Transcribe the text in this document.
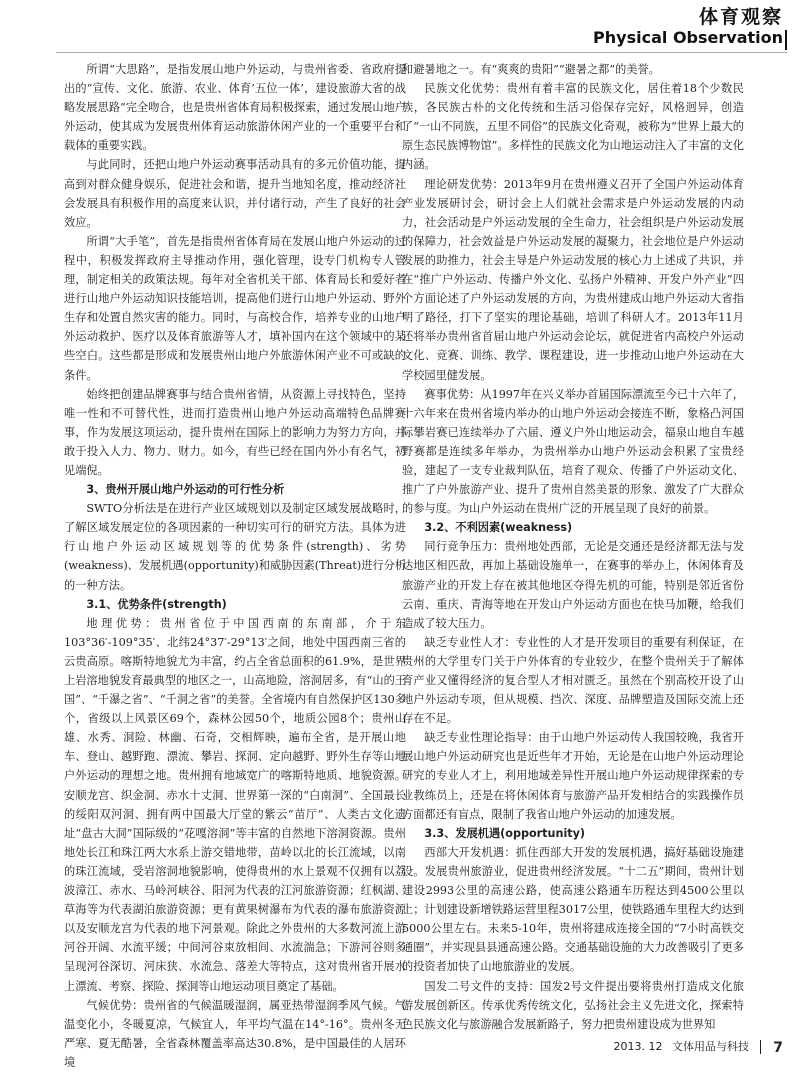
体育观察
Physical Observation

所谓“大思路”，是指发展山地户外运动，与贵州省委、省政府提出的“宣传、文化、旅游、农业、体育‘五位一体’，建设旅游大省的战略发展思路”完全吻合，也是贵州省体育局积极探索，通过发展山地户外运动，使其成为发展贵州体育运动旅游休闲产业的一个重要平台和载体的重要实践。

与此同时，还把山地户外运动赛事活动具有的多元价值功能，提高到对群众健身娱乐，促进社会和谐，提升当地知名度，推动经济社会发展具有积极作用的高度来认识，并付诸行动，产生了良好的社会效应。

所谓“大手笔”，首先是指贵州省体育局在发展山地户外运动的过程中，积极发挥政府主导推动作用，强化管理，设专门机构专人管理，制定相关的政策法规。每年对全省机关干部、体育局长和爱好者进行山地户外运动知识技能培训，提高他们进行山地户外运动、野外生存和处置自然灾害的能力。同时，与高校合作，培养专业的山地户外运动救护、医疗以及体育旅游等人才，填补国内在这个领域中的某些空白。这些都是形成和发展贵州山地户外旅游休闲产业不可或缺的条件。

始终把创建品牌赛事与结合贵州省情，从资源上寻找特色，坚持唯一性和不可替代性，进而打造贵州山地户外运动高端特色品牌赛事，作为发展这项运动，提升贵州在国际上的影响力为努力方向，并敢于投入人力、物力、财力。如今，有些已经在国内外小有名气，初见端倪。

3、贵州开展山地户外运动的可行性分析

SWTO分析法是在进行产业区域规划以及制定区域发展战略时，了解区域发展定位的各项因素的一种切实可行的研究方法。具体为进行山地户外运动区域规划等的优势条件(strength)、劣势(weakness)、发展机遇(opportunity)和威胁因素(Threat)进行分析的一种方法。

3.1、优势条件(strength)

地理优势：贵州省位于中国西南的东南部，介于东103°36′-109°35′、北纬24°37′-29°13′之间，地处中国西南三省的云贵高原。喀斯特地貌尤为丰富，约占全省总面积的61.9%，是世界上岩溶地貌发育最典型的地区之一，山高地险，溶洞居多，有“山的王国”、“千瀑之省”、“千洞之省”的美誉。全省境内有自然保护区130多个，省级以上风景区69个，森林公园50个，地质公园8个；贵州山雄、水秀、洞险、林幽、石奇，交相辉映，遍布全省，是开展山地车、登山、越野跑、漂流、攀岩、探洞、定向越野、野外生存等山地户外运动的理想之地。贵州拥有地域宽广的喀斯特地质、地貌资源。安顺龙宫、织金洞、赤水十丈洞、世界第一深的“白南洞”、全国最长的绥阳双河洞、拥有两中国最大厅堂的紫云“苗厅”、人类古文化遗址“盘古大洞”国际级的“花嘎溶洞”等丰富的自然地下溶洞资源。贵州地处长江和珠江两大水系上游交错地带，苗岭以北的长江流域，以南的珠江流域，受岩溶洞地貌影响，使得贵州的水上景观不仅拥有以荔波漳江、赤水、马岭河峡谷、阳河为代表的江河旅游资源；红枫湖、草海等为代表湖泊旅游资源；更有黄果树瀑布为代表的瀑布旅游资源以及安顺龙宫为代表的地下河景观。除此之外贵州的大多数河流上游河谷开阔、水流平缓；中间河谷束放相间、水流湍急；下游河谷则多呈现河谷深切、河床狭、水流急、落差大等特点，这对贵州省开展水上漂流、考察、探险、探洞等山地运动项目奠定了基础。

气候优势：贵州省的气候温暖湿润，属亚热带湿润季风气候。气温变化小，冬暖夏凉，气候宜人，年平均气温在14°-16°。贵州冬无严寒、夏无酷暑，全省森林覆盖率高达30.8%，是中国最佳的人居环境

和避暑地之一。有“爽爽的贵阳”“避暑之都”的美誉。

民族文化优势：贵州有着丰富的民族文化，居住着18个少数民族，各民族古朴的文化传统和生活习俗保存完好，风格迥异，创造了“一山不同族，五里不同俗”的民族文化奇观，被称为“世界上最大的原生态民族博物馆”。多样性的民族文化为山地运动注入了丰富的文化内涵。

理论研发优势：2013年9月在贵州遵义召开了全国户外运动体育产业发展研讨会，研讨会上人们就社会需求是户外运动发展的内动力，社会活动是户外运动发展的全生命力，社会组织是户外运动发展的保障力，社会效益是户外运动发展的凝聚力，社会地位是户外运动发展的助推力，社会主导是户外运动发展的核心力上述成了共识，并在“推广户外运动、传播户外文化、弘扬户外精神、开发户外产业”四个方面论述了户外运动发展的方向，为贵州建成山地户外运动大省指明了路径，打下了坚实的理论基础，培训了科研人才。2013年11月还将举办贵州省首届山地户外运动会论坛，就促进省内高校户外运动文化、竞赛、训练、教学、课程建设，进一步推动山地户外运动在大学校园里健发展。

赛事优势：从1997年在兴义举办首届国际漂流至今已十六年了，十六年来在贵州省境内举办的山地户外运动会接连不断，象格凸河国际攀岩赛已连续举办了六届、遵义户外山地运动会，福泉山地自车越野赛都是连续多年举办，为贵州举办山地户外运动会积累了宝贵经验，建起了一支专业裁判队伍，培育了观众、传播了户外运动文化、推广了户外旅游产业、提升了贵州自然美景的形象、激发了广大群众的参与度。为山户外运动在贵州广泛的开展呈现了良好的前景。

3.2、不利因素(weakness)

同行竞争压力：贵州地处西部，无论是交通还是经济都无法与发达地区相匹敌，再加上基础设施单一，在赛事的举办上，休闲体育及旅游产业的开发上存在被其他地区夺得先机的可能，特别是邻近省份云南、重庆、青海等地在开发山户外运动方面也在快马加鞭，给我们造成了较大压力。

缺乏专业性人才：专业性的人才是开发项目的重要有利保证，在贵州的大学里专门关于户外体育的专业较少，在整个贵州关于了解体育产业又懂得经济的复合型人才相对匮乏。虽然在个别高校开设了山地户外运动专项，但从规模、挡次、深度、品牌塑造及国际交流上还存在不足。

缺乏专业性理论指导：由于山地户外运动传人我国较晚，我省开展山地户外运动研究也是近些年才开始，无论是在山地户外运动理论研究的专业人才上，利用地域差异性开展山地户外运动规律探索的专业教练员上，还是在将休闲体育与旅游产品开发相结合的实践操作员方面都还有盲点，限制了我省山地户外运动的加速发展。

3.3、发展机遇(opportunity)

西部大开发机遇：抓住西部大开发的发展机遇，搞好基础设施建设。发展贵州旅游业，促进贵州经济发展。“十二五”期间，贵州计划建设2993公里的高速公路，使高速公路通车历程达到4500公里以上；计划建设新增铁路运营里程3017公里，使铁路通车里程大约达到5000公里左右。未来5-10年，贵州将建成连接全国的“7小时高铁交通圈”，并实现县县通高速公路。交通基础设施的大力改善吸引了更多的投资者加快了山地旅游业的发展。

国发二号文件的支持：国发2号文件提出要将贵州打造成文化旅游发展创新区。传承优秀传统文化，弘扬社会主义先进文化，探索特色民族文化与旅游融合发展新路子，努力把贵州建设成为世界知

2013. 12 文体用品与科技 7
